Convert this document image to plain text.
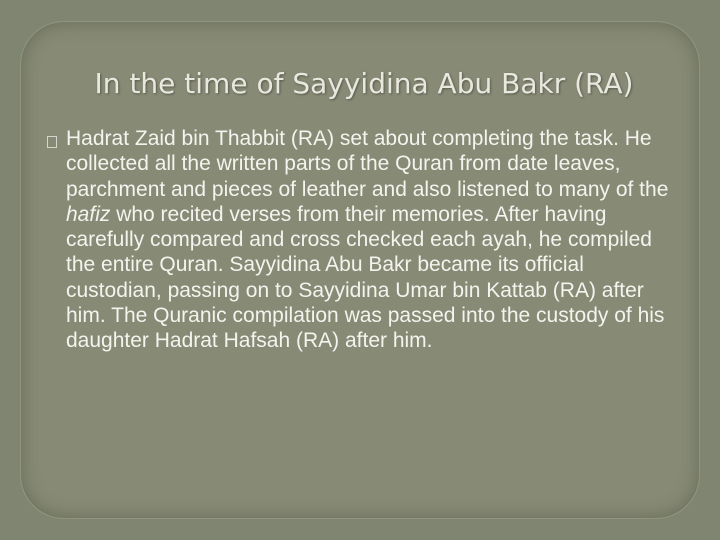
In the time of Sayyidina Abu Bakr (RA)

Hadrat Zaid bin Thabbit (RA) set about completing the task. He collected all the written parts of the Quran from date leaves, parchment and pieces of leather and also listened to many of the hafiz who recited verses from their memories. After having carefully compared and cross checked each ayah, he compiled the entire Quran. Sayyidina Abu Bakr became its official custodian, passing on to Sayyidina Umar bin Kattab (RA) after him. The Quranic compilation was passed into the custody of his daughter Hadrat Hafsah (RA) after him.
